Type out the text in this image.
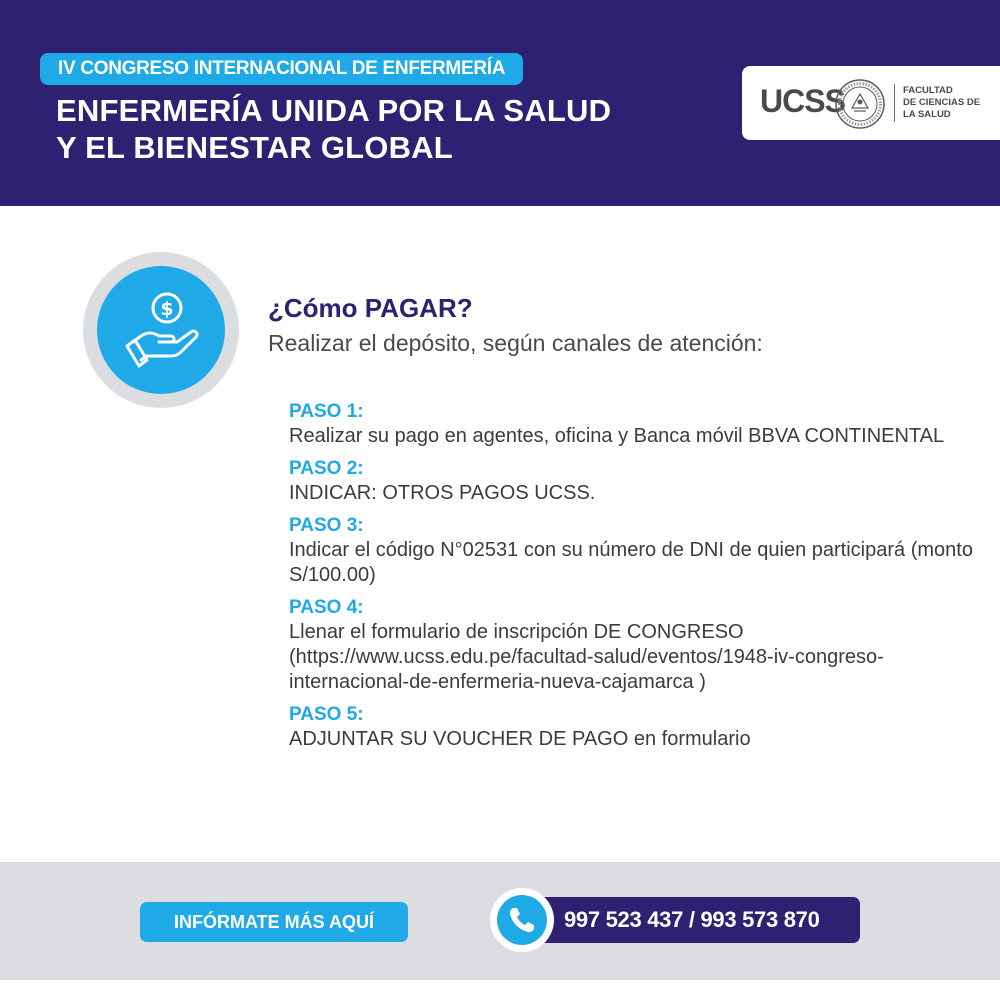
IV CONGRESO INTERNACIONAL DE ENFERMERÍA
ENFERMERÍA UNIDA POR LA SALUD
Y EL BIENESTAR GLOBAL
UCSS	FACULTAD
DE CIENCIAS DE
LA SALUD
$	¿Cómo PAGAR?
Realizar el depósito, según canales de atención:
PASO 1:
Realizar su pago en agentes, oficina y Banca móvil BBVA CONTINENTAL
PASO 2:
INDICAR: OTROS PAGOS UCSS.
PASO 3:
Indicar el código N°02531 con su número de DNI de quien participará (monto S/100.00)
PASO 4:
Llenar el formulario de inscripción DE CONGRESO (https://www.ucss.edu.pe/facultad-salud/eventos/1948-iv-congreso-internacional-de-enfermeria-nueva-cajamarca )
PASO 5:
ADJUNTAR SU VOUCHER DE PAGO en formulario
INFÓRMATE MÁS AQUÍ	997 523 437 / 993 573 870
